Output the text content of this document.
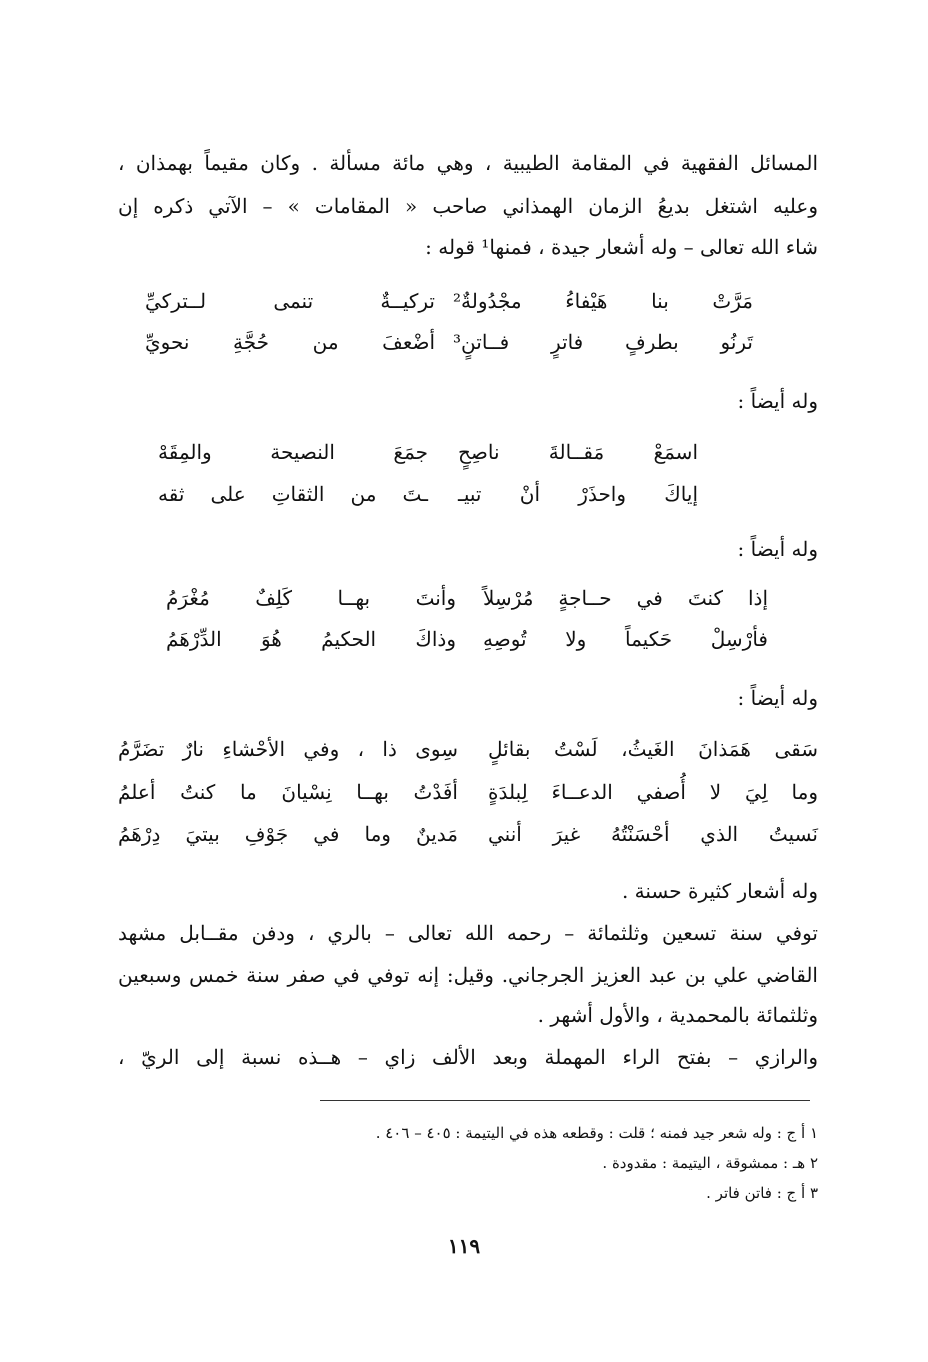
المسائل الفقهية في المقامة الطيبية ، وهي مائة مسألة . وكان مقيماً بهمذان ،
وعليه اشتغل بديعُ الزمان الهمذاني صاحب « المقامات » – الآتي ذكره إن
شاء الله تعالى – وله أشعار جيدة ، فمنها¹ قوله :
مَرَّتْ بنا هَيْفاءُ مجْدُولةٌ²
تركيــةٌ تنمى لــتركيِّ
تَرنُو بطرفٍ فاترٍ فــاتنٍ³
أضْعفَ من حُجَّةِ نحويِّ
وله أيضاً :
اسمَعْ مَقــالةَ ناصِحٍ
جمَعَ النصيحة والمِقَهْ
إياكَ واحذَرْ أنْ تبيـ
ـتَ من الثقاتِ على ثقه
وله أيضاً :
إذا كنتَ في حــاجةٍ مُرْسِلاً
وأنتَ بهــا كَلِفٌ مُغْرَمُ
فأرْسِلْ حَكيماً ولا تُوصِهِ
وذاكَ الحكيمُ هُوَ الدِّرْهَمُ
وله أيضاً :
سَقى هَمَذانَ الغَيثُ، لَسْتُ بقائلٍ
سِوى ذا ، وفي الأحْشاءِ نارٌ تضَرَّمُ
وما لِيَ لا أُصفي الدعــاءَ لِبلدَةٍ
أفَدْتُ بهــا نِسْيانَ ما كنتُ أعلمُ
نَسيتُ الذي أحْسَنْتُهُ غيرَ أنني
مَدينٌ وما في جَوْفِ بيتيَ دِرْهَمُ
وله أشعار كثيرة حسنة .
توفي سنة تسعين وثلثمائة – رحمه الله تعالى – بالري ، ودفن مقــابل مشهد
القاضي علي بن عبد العزيز الجرجاني. وقيل: إنه توفي في صفر سنة خمس وسبعين
وثلثمائة بالمحمدية ، والأول أشهر .
والرازي – بفتح الراء المهملة وبعد الألف زاي – هــذه نسبة إلى الريّ ،
١ أ ج : وله شعر جيد فمنه ؛ قلت : وقطعه هذه في اليتيمة : ٤٠٥ – ٤٠٦ .
٢ هـ : ممشوقة ، اليتيمة : مقدودة .
٣ أ ج : فاتن فاتر .
١١٩
